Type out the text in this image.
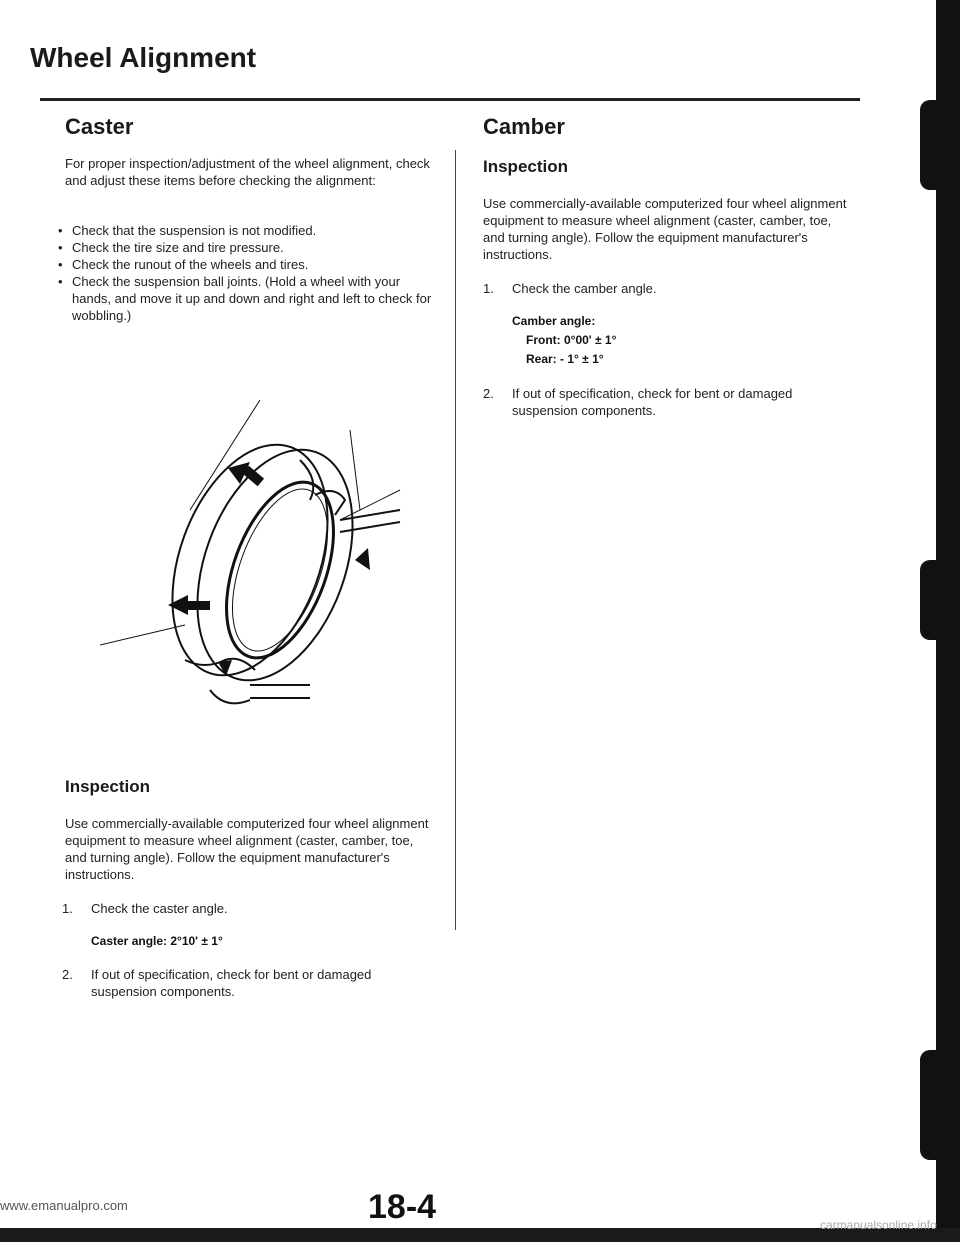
Wheel Alignment
Caster

For proper inspection/adjustment of the wheel alignment, check and adjust these items before checking the alignment:

• Check that the suspension is not modified.
• Check the tire size and tire pressure.
• Check the runout of the wheels and tires.
• Check the suspension ball joints. (Hold a wheel with your hands, and move it up and down and right and left to check for wobbling.)
Inspection

Use commercially-available computerized four wheel alignment equipment to measure wheel alignment (caster, camber, toe, and turning angle). Follow the equipment manufacturer's instructions.

1. Check the caster angle.
Caster angle: 2°10' ± 1°
2. If out of specification, check for bent or damaged suspension components.
Camber
Inspection

Use commercially-available computerized four wheel alignment equipment to measure wheel alignment (caster, camber, toe, and turning angle). Follow the equipment manufacturer's instructions.

1. Check the camber angle.
Camber angle:
Front: 0°00' ± 1°
Rear: - 1° ± 1°
2. If out of specification, check for bent or damaged suspension components.
18-4
www.emanualpro.com
carmanualsonline.info
